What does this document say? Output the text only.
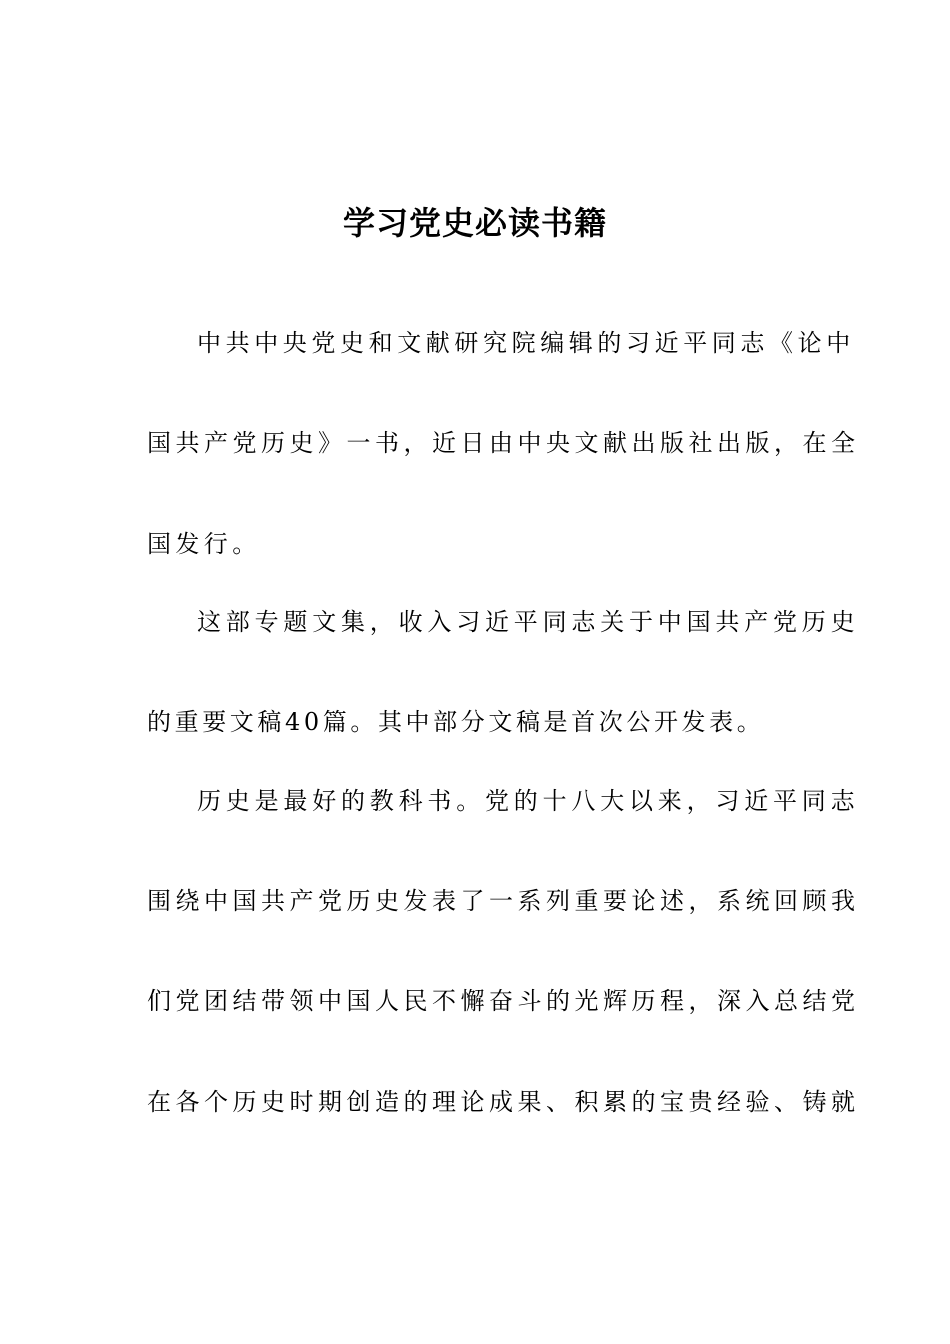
学习党史必读书籍
中共中央党史和文献研究院编辑的习近平同志《论中
国共产党历史》一书，近日由中央文献出版社出版，在全
国发行。
这部专题文集，收入习近平同志关于中国共产党历史
的重要文稿40篇。其中部分文稿是首次公开发表。
历史是最好的教科书。党的十八大以来，习近平同志
围绕中国共产党历史发表了一系列重要论述，系统回顾我
们党团结带领中国人民不懈奋斗的光辉历程，深入总结党
在各个历史时期创造的理论成果、积累的宝贵经验、铸就
